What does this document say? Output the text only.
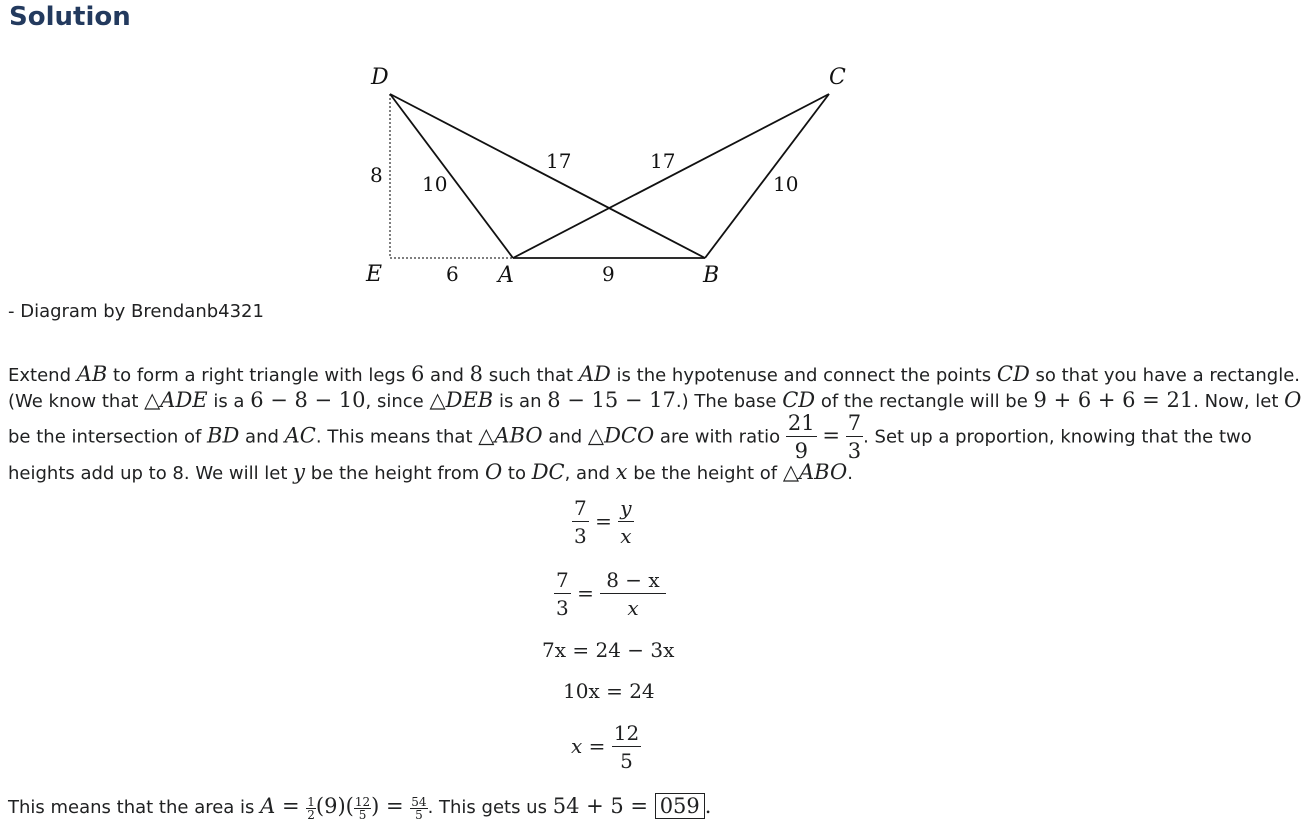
Solution
D	C
E	A	B
8 10
17	17
10
6	9
- Diagram by Brendanb4321
Extend AB to form a right triangle with legs 6 and 8 such that AD is the hypotenuse and connect the points CD so that you have a rectangle.
(We know that △ADE is a 6 − 8 − 10, since △DEB is an 8 − 15 − 17.) The base CD of the rectangle will be 9 + 6 + 6 = 21. Now, let O
be the intersection of BD and AC. This means that △ABO and △DCO are with ratio $\frac{21}{9} = \frac{7}{3}$ . Set up a proportion, knowing that the two
heights add up to 8. We will let y be the height from O to DC, and x be the height of △ABO.
$\frac{7}{3} = \frac{y}{x}$
$\frac{7}{3} = \frac{8 - x}{x}$
7x = 24 − 3x
10x = 24
$x = \frac{12}{5}$
This means that the area is $A = \frac{1}{2} (9)( \frac{12}{5}$ ) = $\frac{54}{5}$ . This gets us 54 + 5 = 059 .
